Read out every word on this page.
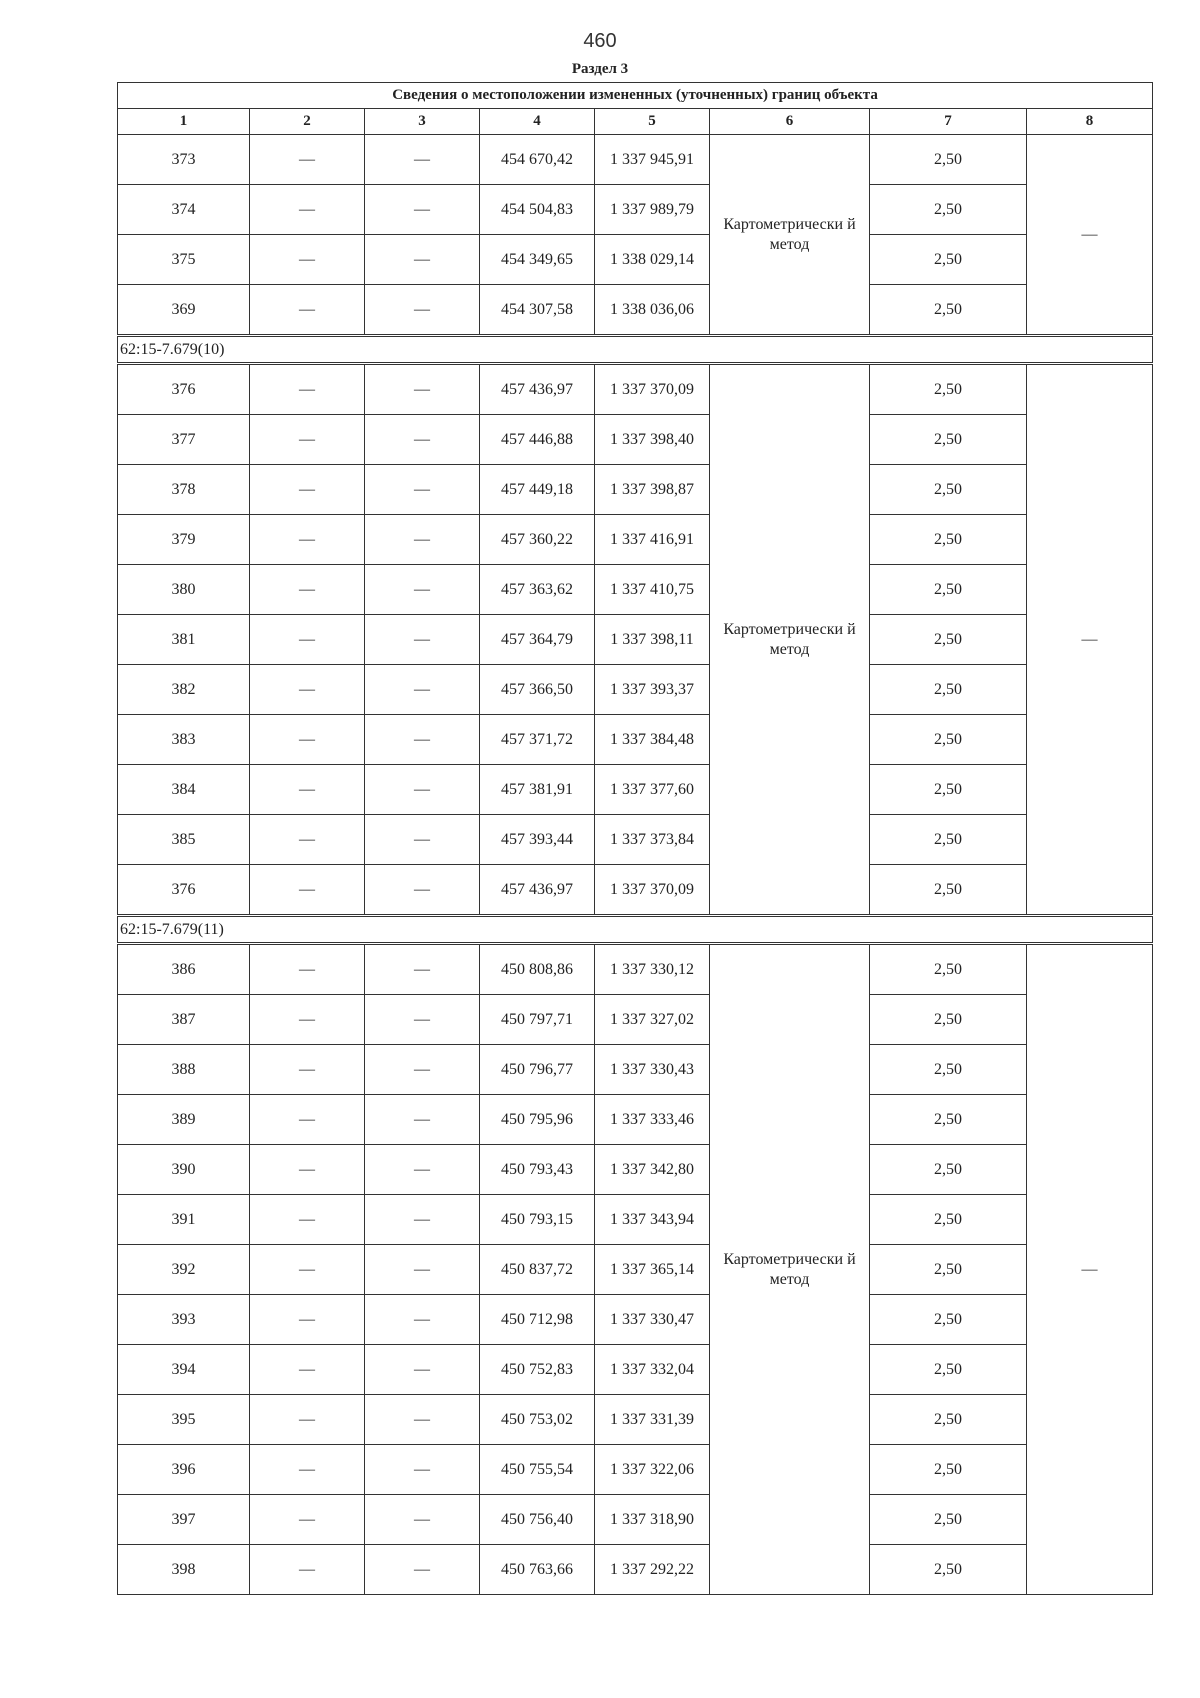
460
Раздел 3
Сведения о местоположении измененных (уточненных) границ объекта							
1	2	3	4	5	6	7	8
373	—	—	454 670,42	1 337 945,91	Картометрически й метод	2,50	—
374	—	—	454 504,83	1 337 989,79		2,50	
375	—	—	454 349,65	1 338 029,14		2,50	
369	—	—	454 307,58	1 338 036,06		2,50	
62:15-7.679(10)							
376	—	—	457 436,97	1 337 370,09	Картометрически й метод	2,50	—
377	—	—	457 446,88	1 337 398,40		2,50	
378	—	—	457 449,18	1 337 398,87		2,50	
379	—	—	457 360,22	1 337 416,91		2,50	
380	—	—	457 363,62	1 337 410,75		2,50	
381	—	—	457 364,79	1 337 398,11		2,50	
382	—	—	457 366,50	1 337 393,37		2,50	
383	—	—	457 371,72	1 337 384,48		2,50	
384	—	—	457 381,91	1 337 377,60		2,50	
385	—	—	457 393,44	1 337 373,84		2,50	
376	—	—	457 436,97	1 337 370,09		2,50	
62:15-7.679(11)							
386	—	—	450 808,86	1 337 330,12	Картометрически й метод	2,50	—
387	—	—	450 797,71	1 337 327,02		2,50	
388	—	—	450 796,77	1 337 330,43		2,50	
389	—	—	450 795,96	1 337 333,46		2,50	
390	—	—	450 793,43	1 337 342,80		2,50	
391	—	—	450 793,15	1 337 343,94		2,50	
392	—	—	450 837,72	1 337 365,14		2,50	
393	—	—	450 712,98	1 337 330,47		2,50	
394	—	—	450 752,83	1 337 332,04		2,50	
395	—	—	450 753,02	1 337 331,39		2,50	
396	—	—	450 755,54	1 337 322,06		2,50	
397	—	—	450 756,40	1 337 318,90		2,50	
398	—	—	450 763,66	1 337 292,22		2,50	
